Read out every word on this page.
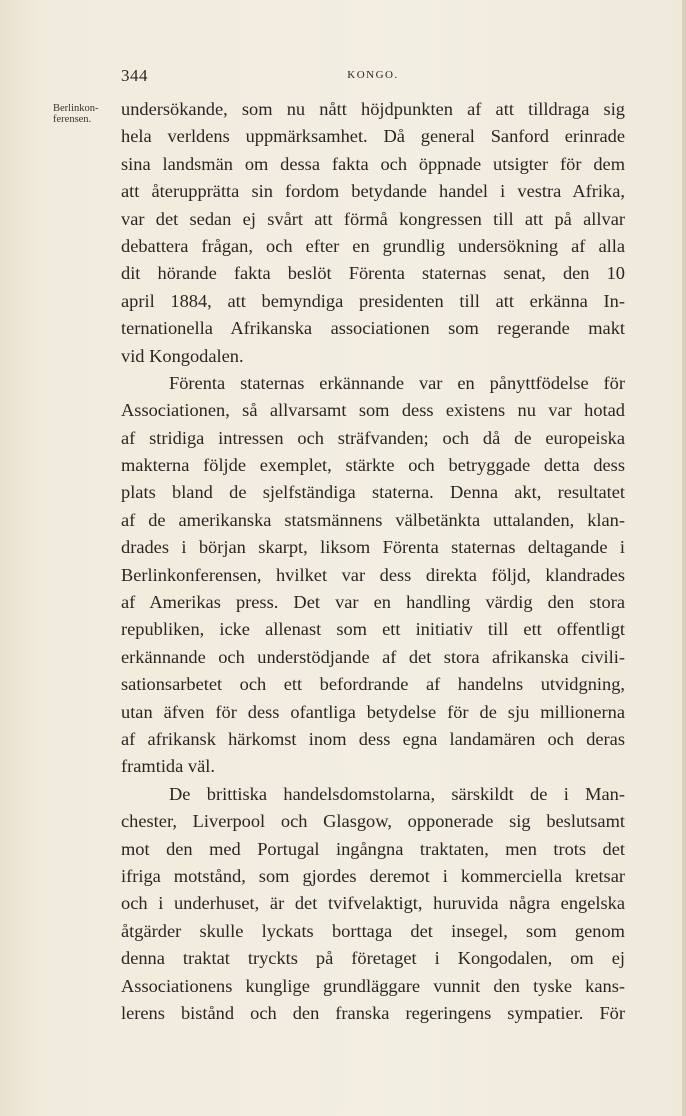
344	KONGO.
Berlinkon-
ferensen.
undersökande, som nu nått höjdpunkten af att tilldraga sig
hela verldens uppmärksamhet. Då general Sanford erinrade
sina landsmän om dessa fakta och öppnade utsigter för dem
att återupprätta sin fordom betydande handel i vestra Afrika,
var det sedan ej svårt att förmå kongressen till att på allvar
debattera frågan, och efter en grundlig undersökning af alla
dit hörande fakta beslöt Förenta staternas senat, den 10
april 1884, att bemyndiga presidenten till att erkänna In-
ternationella Afrikanska associationen som regerande makt
vid Kongodalen.
Förenta staternas erkännande var en pånyttfödelse för
Associationen, så allvarsamt som dess existens nu var hotad
af stridiga intressen och sträfvanden; och då de europeiska
makterna följde exemplet, stärkte och betryggade detta dess
plats bland de sjelfständiga staterna. Denna akt, resultatet
af de amerikanska statsmännens välbetänkta uttalanden, klan-
drades i början skarpt, liksom Förenta staternas deltagande i
Berlinkonferensen, hvilket var dess direkta följd, klandrades
af Amerikas press. Det var en handling värdig den stora
republiken, icke allenast som ett initiativ till ett offentligt
erkännande och understödjande af det stora afrikanska civili-
sationsarbetet och ett befordrande af handelns utvidgning,
utan äfven för dess ofantliga betydelse för de sju millionerna
af afrikansk härkomst inom dess egna landamären och deras
framtida väl.
De brittiska handelsdomstolarna, särskildt de i Man-
chester, Liverpool och Glasgow, opponerade sig beslutsamt
mot den med Portugal ingångna traktaten, men trots det
ifriga motstånd, som gjordes deremot i kommerciella kretsar
och i underhuset, är det tvifvelaktigt, huruvida några engelska
åtgärder skulle lyckats borttaga det insegel, som genom
denna traktat tryckts på företaget i Kongodalen, om ej
Associationens kunglige grundläggare vunnit den tyske kans-
lerens bistånd och den franska regeringens sympatier. För
